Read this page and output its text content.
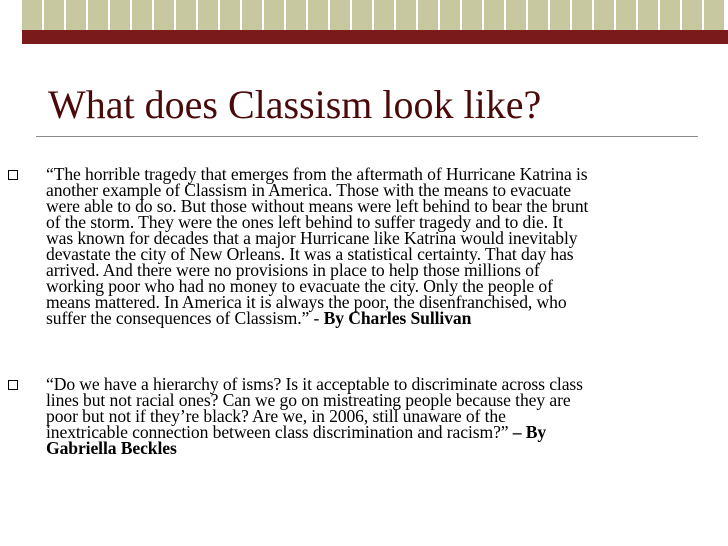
What does Classism look like?
“The horrible tragedy that emerges from the aftermath of Hurricane Katrina is
another example of Classism in America. Those with the means to evacuate
were able to do so. But those without means were left behind to bear the brunt
of the storm. They were the ones left behind to suffer tragedy and to die. It
was known for decades that a major Hurricane like Katrina would inevitably
devastate the city of New Orleans. It was a statistical certainty. That day has
arrived. And there were no provisions in place to help those millions of
working poor who had no money to evacuate the city. Only the people of
means mattered. In America it is always the poor, the disenfranchised, who
suffer the consequences of Classism.” - By Charles Sullivan
“Do we have a hierarchy of isms? Is it acceptable to discriminate across class
lines but not racial ones? Can we go on mistreating people because they are
poor but not if they’re black? Are we, in 2006, still unaware of the
inextricable connection between class discrimination and racism?” – By
Gabriella Beckles
